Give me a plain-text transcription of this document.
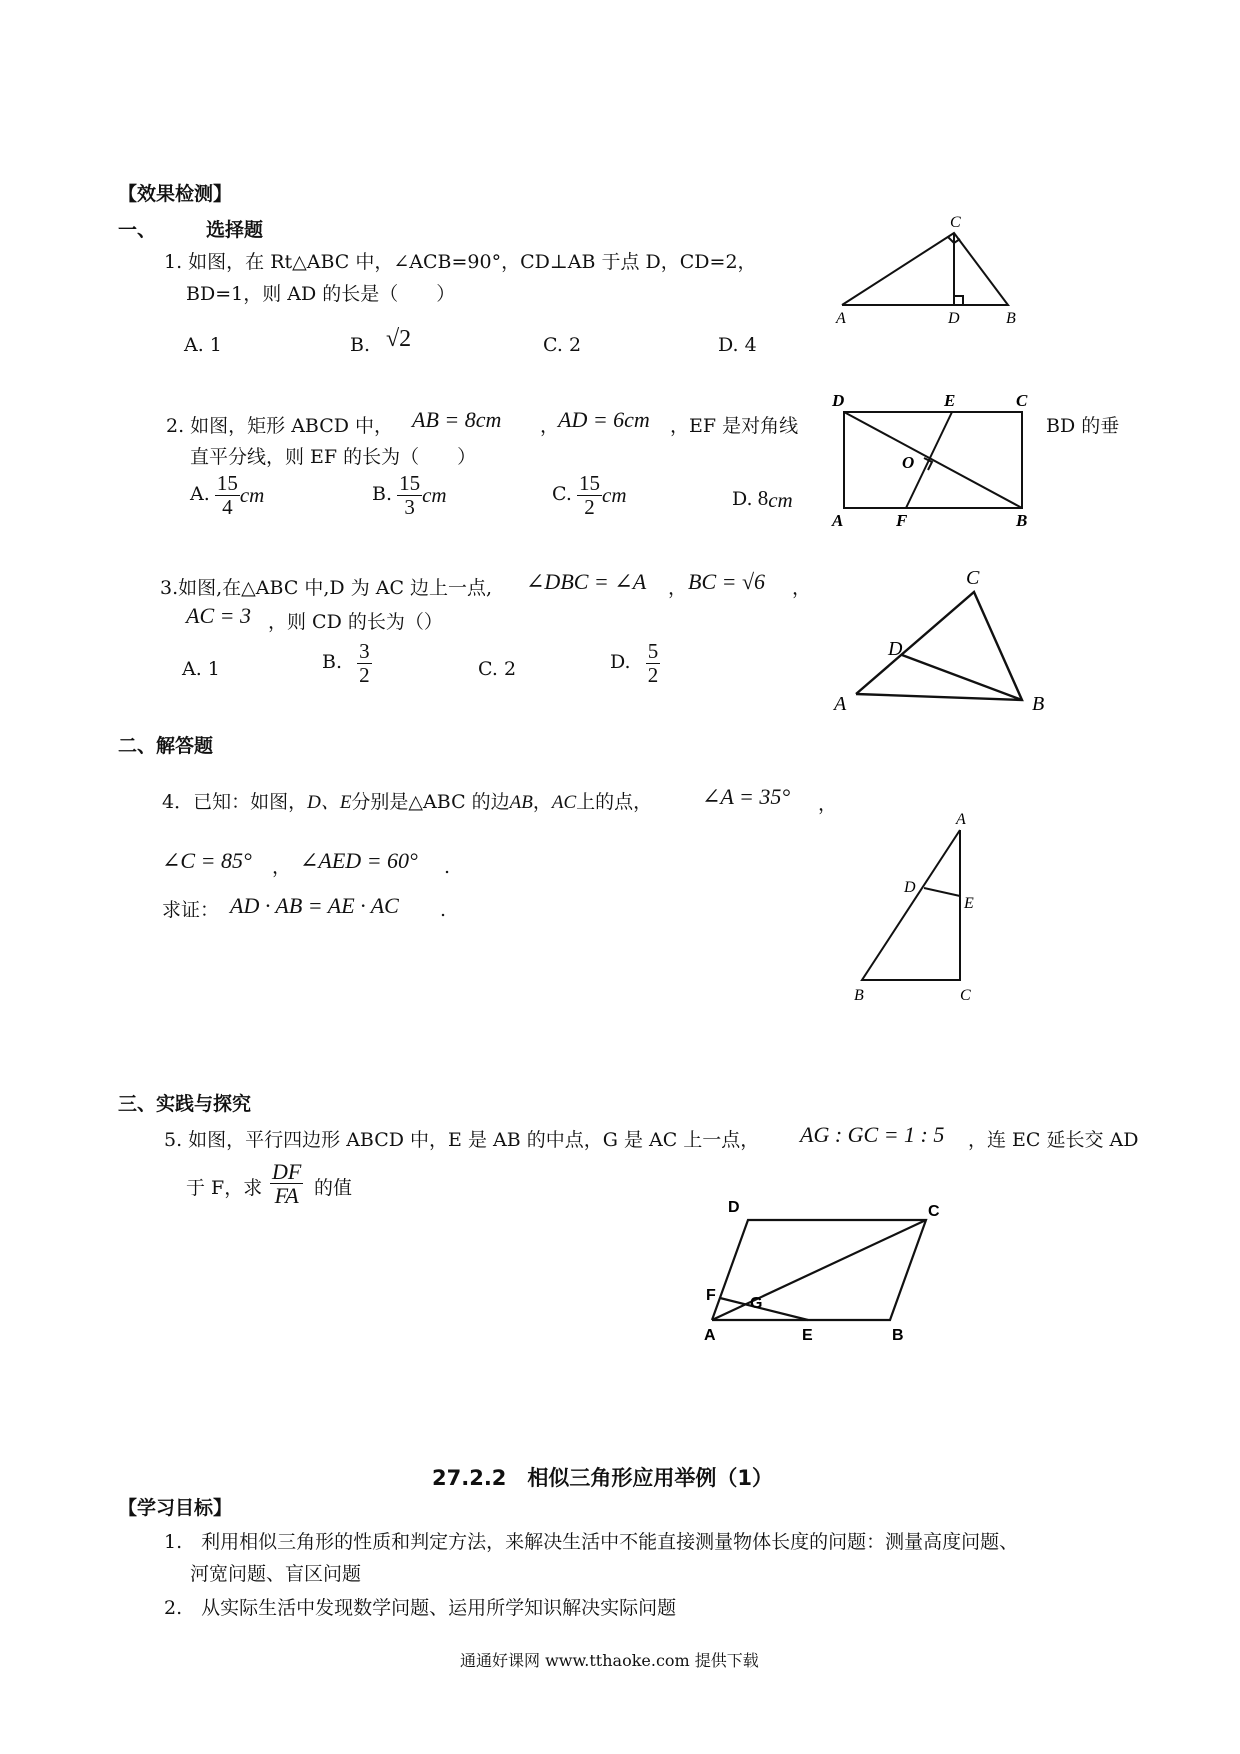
【效果检测】
一、	选择题
1. 如图，在 Rt△ABC 中，∠ACB=90°，CD⊥AB 于点 D，CD=2，
BD=1，则 AD 的长是（　　）
A. 1	B. √2	C. 2	D. 4
C
A	D	B
2. 如图，矩形 ABCD 中， AB = 8cm ，
AD = 6cm ，EF 是对角线	BD 的垂
直平分线，则 EF 的长为（　　）
A. $\frac{15}{4}$ cm	B. $\frac{15}{3}$ cm	C. $\frac{15}{2}$ cm	D. 8cm
D	E	C
O
A	F	B
3.如图,在△ABC 中,D 为 AC 边上一点, ∠DBC = ∠A ， BC = √6 ，
AC = 3 ，则 CD 的长为（）
A. 1	B. $\frac{3}{2}$	C. 2	D. $\frac{5}{2}$
C
D
A	B
二、解答题
4．已知：如图，D、E分别是△ABC 的边AB，AC上的点， ∠A = 35° ，
∠C = 85° ， ∠AED = 60° .
求证： AD · AB = AE · AC .
A
D
E
B	C
三、实践与探究
5. 如图，平行四边形 ABCD 中，E 是 AB 的中点，G 是 AC 上一点， AG : GC = 1 : 5 ，连 EC 延长交 AD
于 F，求 $\frac{DF}{FA}$ 的值
D	C
F G
A	E	B
27.2.2　相似三角形应用举例（1）
【学习目标】
1.　利用相似三角形的性质和判定方法，来解决生活中不能直接测量物体长度的问题：测量高度问题、
河宽问题、盲区问题
2.　从实际生活中发现数学问题、运用所学知识解决实际问题
通通好课网 www.tthaoke.com 提供下载
